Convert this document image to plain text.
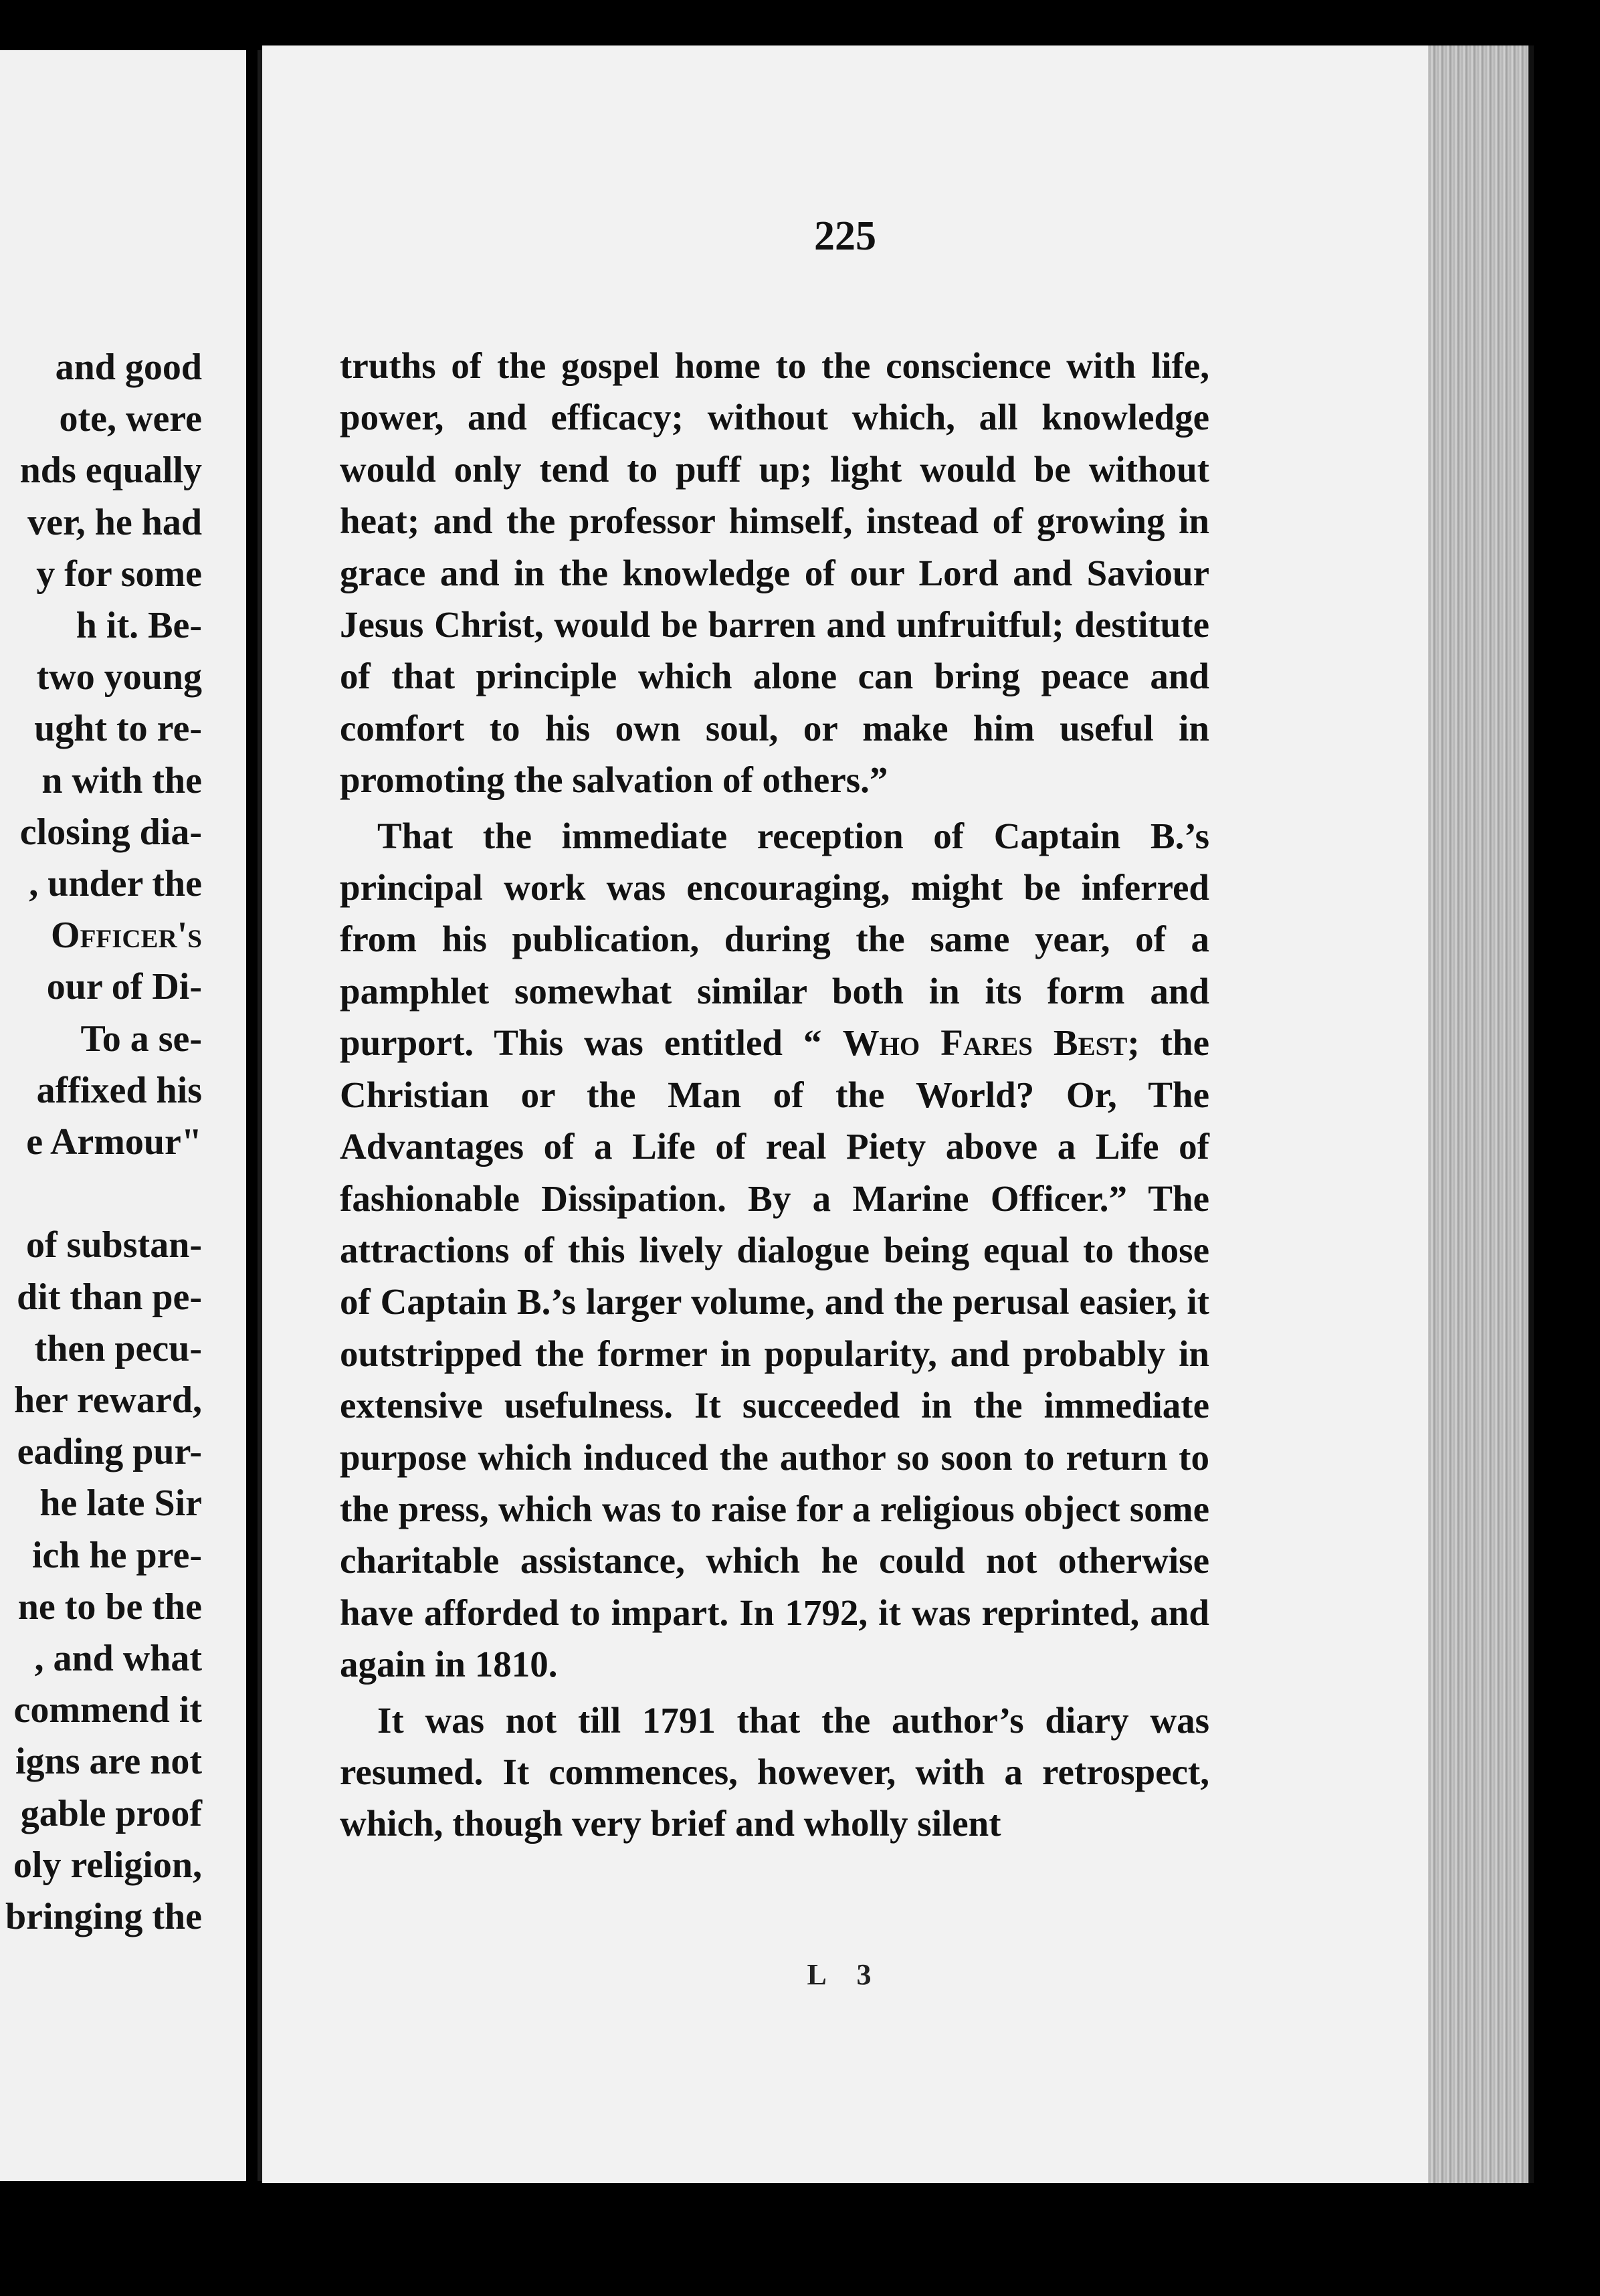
and good
ote, were
nds equally
ver, he had
y for some
h it. Be-
two young
ught to re-
n with the
closing dia-
, under the
Officer's
our of Di-
To a se-
affixed his
e Armour"

of substan-
dit than pe-
then pecu-
her reward,
eading pur-
he late Sir
ich he pre-
ne to be the
, and what
commend it
igns are not
gable proof
oly religion,
bringing the
225

truths of the gospel home to the conscience with life, power, and efficacy; without which, all knowledge would only tend to puff up; light would be without heat; and the professor himself, instead of growing in grace and in the knowledge of our Lord and Saviour Jesus Christ, would be barren and unfruitful; destitute of that principle which alone can bring peace and comfort to his own soul, or make him useful in promoting the salvation of others.”

That the immediate reception of Captain B.’s principal work was encouraging, might be inferred from his publication, during the same year, of a pamphlet somewhat similar both in its form and purport. This was entitled “ Who Fares Best; the Christian or the Man of the World? Or, The Advantages of a Life of real Piety above a Life of fashionable Dissipation. By a Marine Officer.” The attractions of this lively dialogue being equal to those of Captain B.’s larger volume, and the perusal easier, it outstripped the former in popularity, and probably in extensive usefulness. It succeeded in the immediate purpose which induced the author so soon to return to the press, which was to raise for a religious object some charitable assistance, which he could not otherwise have afforded to impart. In 1792, it was reprinted, and again in 1810.

It was not till 1791 that the author’s diary was resumed. It commences, however, with a retrospect, which, though very brief and wholly silent

L 3
